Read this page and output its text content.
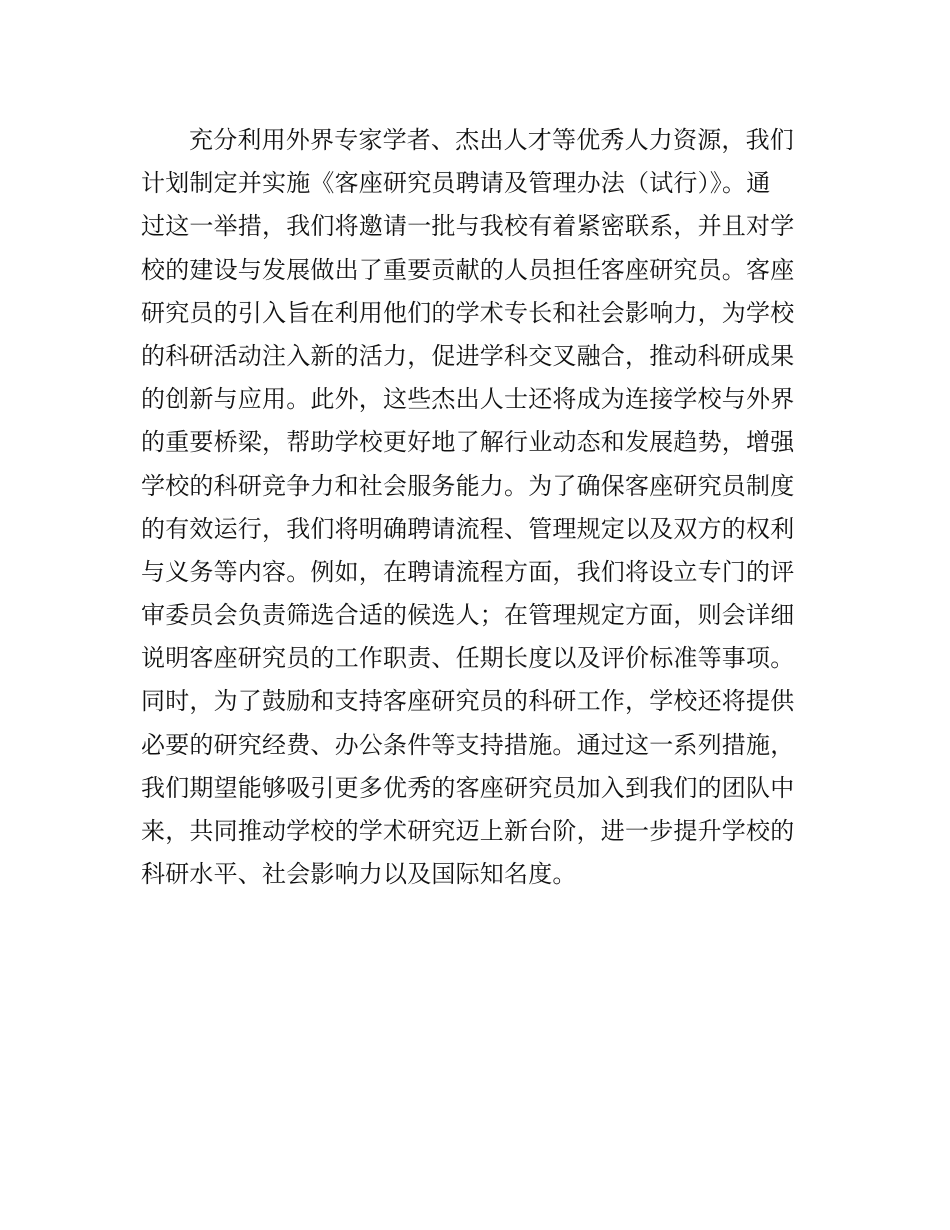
充分利用外界专家学者、杰出人才等优秀人力资源，我们
计划制定并实施《客座研究员聘请及管理办法（试行）》。通
过这一举措，我们将邀请一批与我校有着紧密联系，并且对学
校的建设与发展做出了重要贡献的人员担任客座研究员。客座
研究员的引入旨在利用他们的学术专长和社会影响力，为学校
的科研活动注入新的活力，促进学科交叉融合，推动科研成果
的创新与应用。此外，这些杰出人士还将成为连接学校与外界
的重要桥梁，帮助学校更好地了解行业动态和发展趋势，增强
学校的科研竞争力和社会服务能力。为了确保客座研究员制度
的有效运行，我们将明确聘请流程、管理规定以及双方的权利
与义务等内容。例如，在聘请流程方面，我们将设立专门的评
审委员会负责筛选合适的候选人；在管理规定方面，则会详细
说明客座研究员的工作职责、任期长度以及评价标准等事项。
同时，为了鼓励和支持客座研究员的科研工作，学校还将提供
必要的研究经费、办公条件等支持措施。通过这一系列措施，
我们期望能够吸引更多优秀的客座研究员加入到我们的团队中
来，共同推动学校的学术研究迈上新台阶，进一步提升学校的
科研水平、社会影响力以及国际知名度。
